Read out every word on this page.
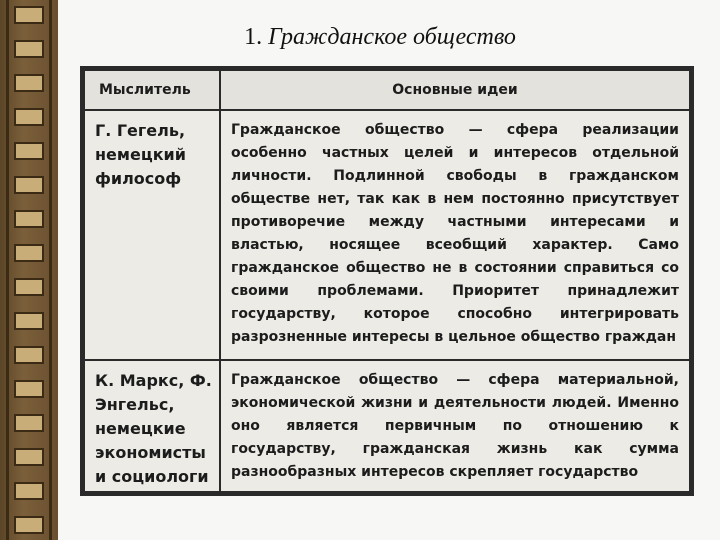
1. Гражданское общество
Мыслитель	Основные идеи
Г. Гегель, немецкий философ	Гражданское общество — сфера реализации особенно частных целей и интересов отдельной личности. Подлинной свободы в гражданском обществе нет, так как в нем постоянно присутствует противоречие между частными интересами и властью, носящее всеобщий характер. Само гражданское общество не в состоянии справиться со своими проблемами. Приоритет принадлежит государству, которое способно интегрировать разрозненные интересы в цельное общество граждан
К. Маркс, Ф. Энгельс, немецкие экономисты и социологи	Гражданское общество — сфера материальной, экономической жизни и деятельности людей. Именно оно является первичным по отношению к государству, гражданская жизнь как сумма разнообразных интересов скрепляет государство
